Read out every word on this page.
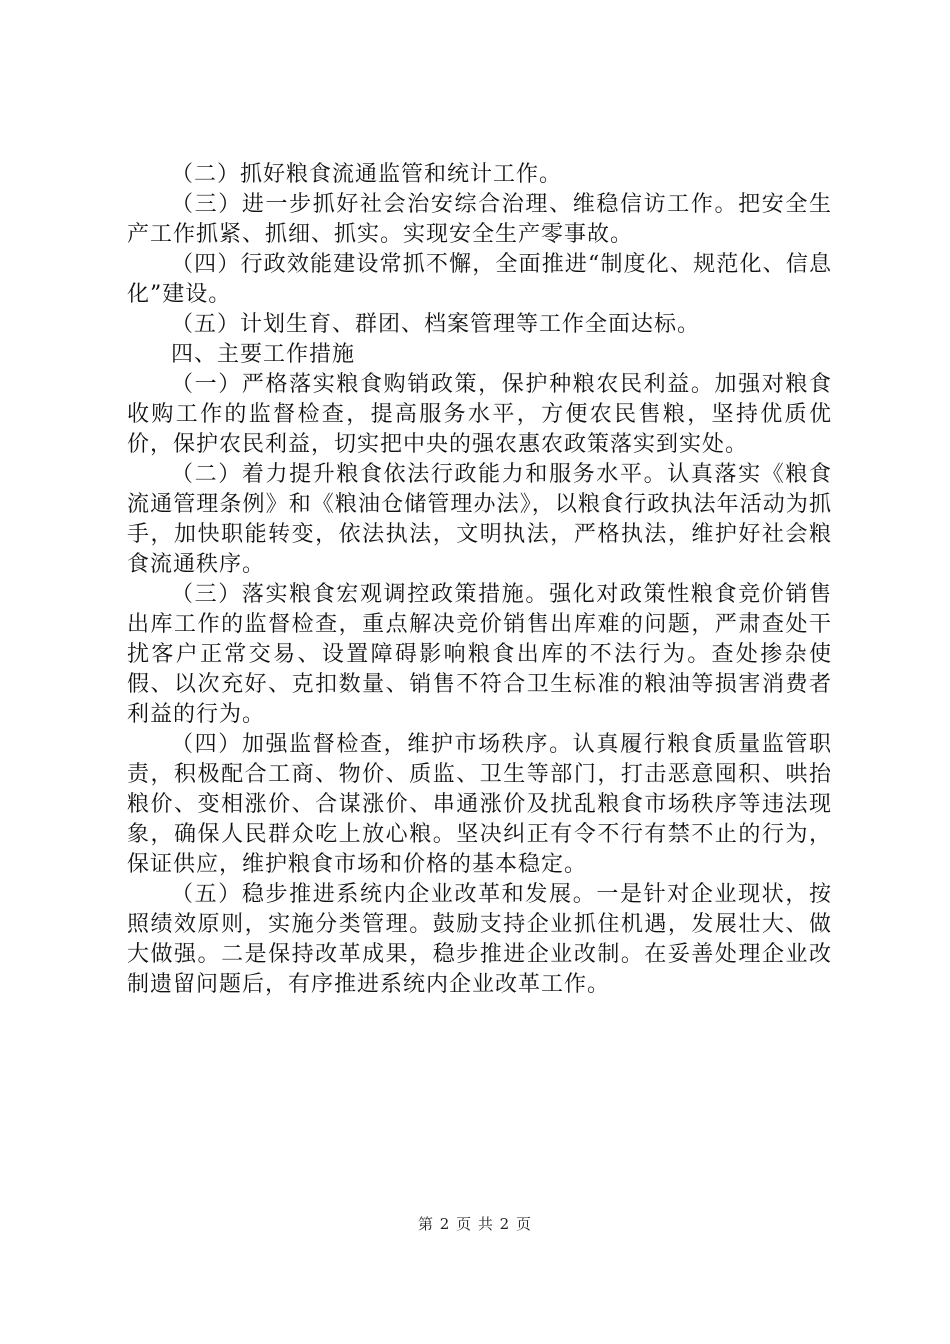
（二）抓好粮食流通监管和统计工作。

（三）进一步抓好社会治安综合治理、维稳信访工作。把安全生产工作抓紧、抓细、抓实。实现安全生产零事故。

（四）行政效能建设常抓不懈，全面推进“制度化、规范化、信息化”建设。

（五）计划生育、群团、档案管理等工作全面达标。

四、主要工作措施

（一）严格落实粮食购销政策，保护种粮农民利益。加强对粮食收购工作的监督检查，提高服务水平，方便农民售粮，坚持优质优价，保护农民利益，切实把中央的强农惠农政策落实到实处。

（二）着力提升粮食依法行政能力和服务水平。认真落实《粮食流通管理条例》和《粮油仓储管理办法》，以粮食行政执法年活动为抓手，加快职能转变，依法执法，文明执法，严格执法，维护好社会粮食流通秩序。

（三）落实粮食宏观调控政策措施。强化对政策性粮食竞价销售出库工作的监督检查，重点解决竞价销售出库难的问题，严肃查处干扰客户正常交易、设置障碍影响粮食出库的不法行为。查处掺杂使假、以次充好、克扣数量、销售不符合卫生标准的粮油等损害消费者利益的行为。

（四）加强监督检查，维护市场秩序。认真履行粮食质量监管职责，积极配合工商、物价、质监、卫生等部门，打击恶意囤积、哄抬粮价、变相涨价、合谋涨价、串通涨价及扰乱粮食市场秩序等违法现象，确保人民群众吃上放心粮。坚决纠正有令不行有禁不止的行为，保证供应，维护粮食市场和价格的基本稳定。

（五）稳步推进系统内企业改革和发展。一是针对企业现状，按照绩效原则，实施分类管理。鼓励支持企业抓住机遇，发展壮大、做大做强。二是保持改革成果，稳步推进企业改制。在妥善处理企业改制遗留问题后，有序推进系统内企业改革工作。

第 2 页 共 2 页
